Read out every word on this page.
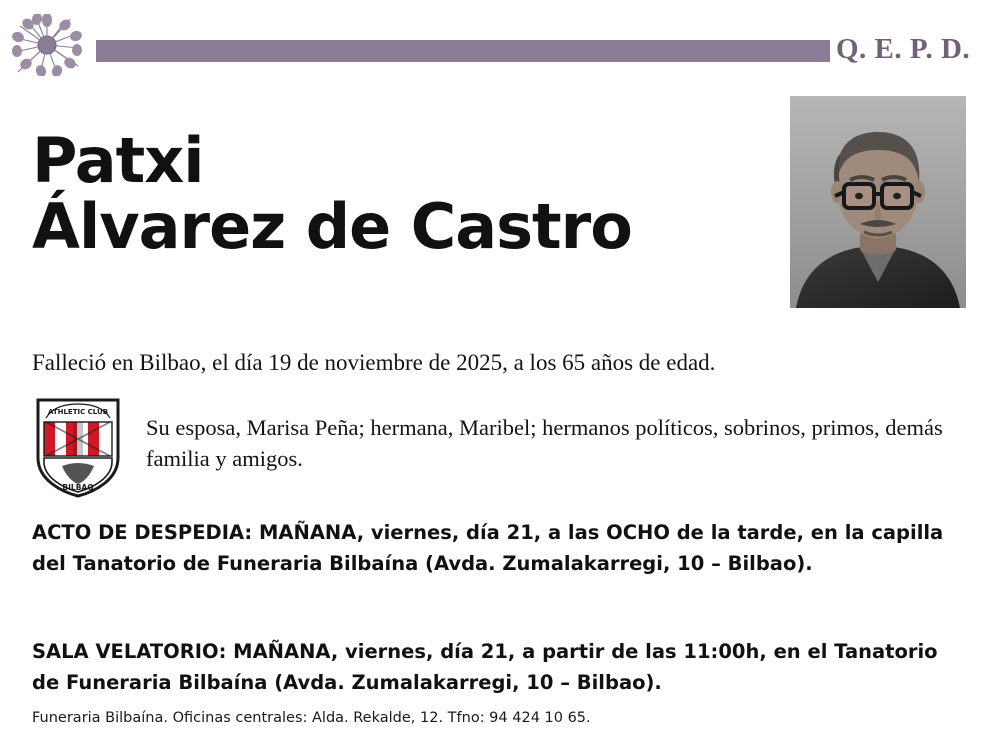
Q. E. P. D.
Patxi
Álvarez de Castro
Falleció en Bilbao, el día 19 de noviembre de 2025, a los 65 años de edad.
ATHLETIC CLUB
BILBAO
Su esposa, Marisa Peña; hermana, Maribel; hermanos políticos, sobrinos, primos, demás familia y amigos.
ACTO DE DESPEDIA: MAÑANA, viernes, día 21, a las OCHO de la tarde, en la capilla del Tanatorio de Funeraria Bilbaína (Avda. Zumalakarregi, 10 – Bilbao).
SALA VELATORIO: MAÑANA, viernes, día 21, a partir de las 11:00h, en el Tanatorio de Funeraria Bilbaína (Avda. Zumalakarregi, 10 – Bilbao).
Funeraria Bilbaína. Oficinas centrales: Alda. Rekalde, 12. Tfno: 94 424 10 65.
